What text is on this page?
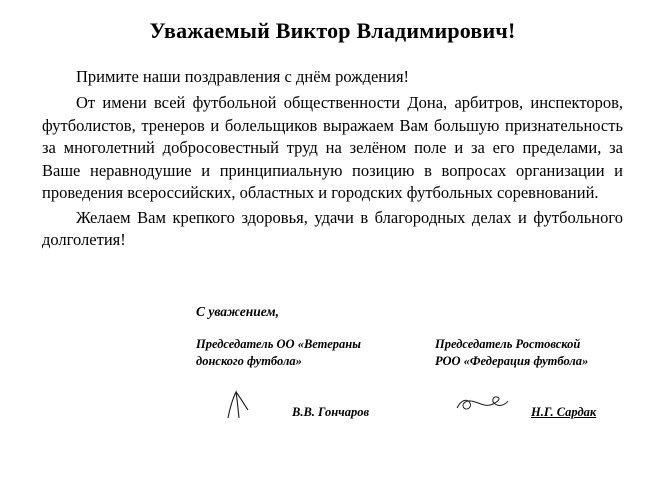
Уважаемый Виктор Владимирович!

Примите наши поздравления с днём рождения!

От имени всей футбольной общественности Дона, арбитров, инспекторов, футболистов, тренеров и болельщиков выражаем Вам большую признательность за многолетний добросовестный труд на зелёном поле и за его пределами, за Ваше неравнодушие и принципиальную позицию в вопросах организации и проведения всероссийских, областных и городских футбольных соревнований.

Желаем Вам крепкого здоровья, удачи в благородных делах и футбольного долголетия!

С уважением,
Председатель ОО «Ветераны
донского футбола»
В.В. Гончаров
Председатель Ростовской
РОО «Федерация футбола»
Н.Г. Сардак
